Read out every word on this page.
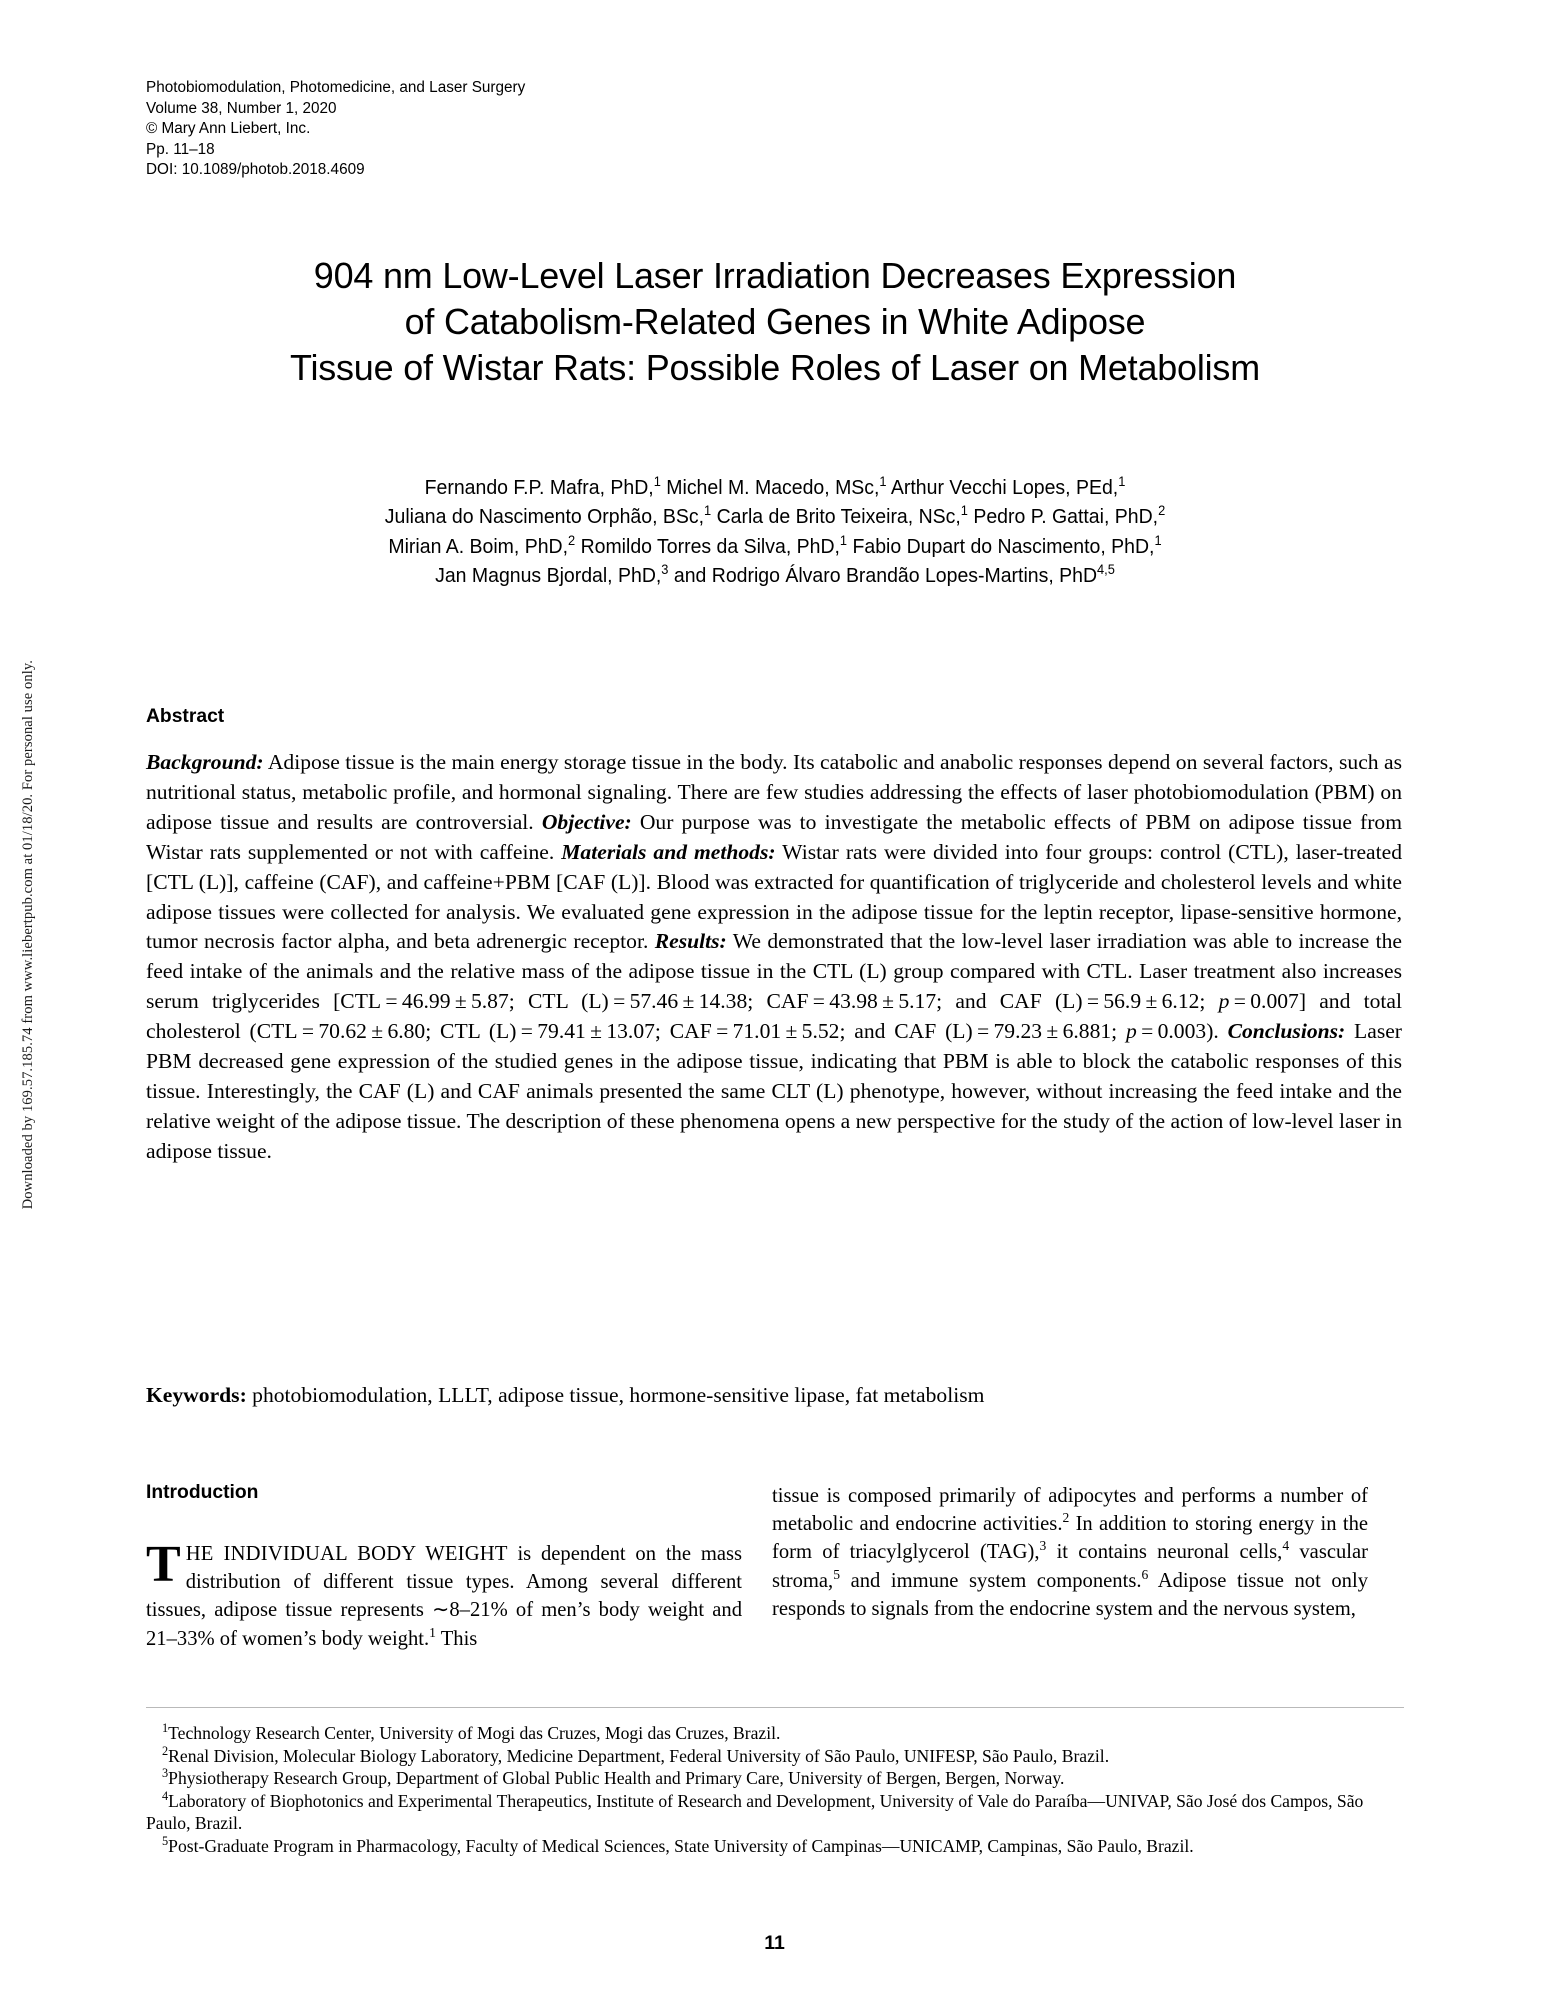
Downloaded by 169.57.185.74 from www.liebertpub.com at 01/18/20. For personal use only.
Photobiomodulation, Photomedicine, and Laser Surgery
Volume 38, Number 1, 2020
© Mary Ann Liebert, Inc.
Pp. 11–18
DOI: 10.1089/photob.2018.4609
904 nm Low-Level Laser Irradiation Decreases Expression
of Catabolism-Related Genes in White Adipose
Tissue of Wistar Rats: Possible Roles of Laser on Metabolism
Fernando F.P. Mafra, PhD,$^1$ Michel M. Macedo, MSc,$^1$ Arthur Vecchi Lopes, PEd,$^1$
Juliana do Nascimento Orphão, BSc,$^1$ Carla de Brito Teixeira, NSc,$^1$ Pedro P. Gattai, PhD,$^2$
Mirian A. Boim, PhD,$^2$ Romildo Torres da Silva, PhD,$^1$ Fabio Dupart do Nascimento, PhD,$^1$
Jan Magnus Bjordal, PhD,$^3$ and Rodrigo Álvaro Brandão Lopes-Martins, PhD$^{4,5}$
Abstract

Background: Adipose tissue is the main energy storage tissue in the body. Its catabolic and anabolic responses depend on several factors, such as nutritional status, metabolic profile, and hormonal signaling. There are few studies addressing the effects of laser photobiomodulation (PBM) on adipose tissue and results are controversial. Objective: Our purpose was to investigate the metabolic effects of PBM on adipose tissue from Wistar rats supplemented or not with caffeine. Materials and methods: Wistar rats were divided into four groups: control (CTL), laser-treated [CTL (L)], caffeine (CAF), and caffeine+PBM [CAF (L)]. Blood was extracted for quantification of triglyceride and cholesterol levels and white adipose tissues were collected for analysis. We evaluated gene expression in the adipose tissue for the leptin receptor, lipase-sensitive hormone, tumor necrosis factor alpha, and beta adrenergic receptor. Results: We demonstrated that the low-level laser irradiation was able to increase the feed intake of the animals and the relative mass of the adipose tissue in the CTL (L) group compared with CTL. Laser treatment also increases serum triglycerides [CTL = 46.99 ± 5.87; CTL (L) = 57.46 ± 14.38; CAF = 43.98 ± 5.17; and CAF (L) = 56.9 ± 6.12; p = 0.007] and total cholesterol (CTL = 70.62 ± 6.80; CTL (L) = 79.41 ± 13.07; CAF = 71.01 ± 5.52; and CAF (L) = 79.23 ± 6.881; p = 0.003). Conclusions: Laser PBM decreased gene expression of the studied genes in the adipose tissue, indicating that PBM is able to block the catabolic responses of this tissue. Interestingly, the CAF (L) and CAF animals presented the same CLT (L) phenotype, however, without increasing the feed intake and the relative weight of the adipose tissue. The description of these phenomena opens a new perspective for the study of the action of low-level laser in adipose tissue.

Keywords: photobiomodulation, LLLT, adipose tissue, hormone-sensitive lipase, fat metabolism
Introduction

THE INDIVIDUAL BODY WEIGHT is dependent on the mass distribution of different tissue types. Among several different tissues, adipose tissue represents ∼8–21% of men’s body weight and 21–33% of women’s body weight.$^1$ This

tissue is composed primarily of adipocytes and performs a number of metabolic and endocrine activities.$^2$ In addition to storing energy in the form of triacylglycerol (TAG),$^3$ it contains neuronal cells,$^4$ vascular stroma,$^5$ and immune system components.$^6$ Adipose tissue not only responds to signals from the endocrine system and the nervous system,

$^1$Technology Research Center, University of Mogi das Cruzes, Mogi das Cruzes, Brazil.

$^2$Renal Division, Molecular Biology Laboratory, Medicine Department, Federal University of São Paulo, UNIFESP, São Paulo, Brazil.

$^3$Physiotherapy Research Group, Department of Global Public Health and Primary Care, University of Bergen, Bergen, Norway.

$^4$Laboratory of Biophotonics and Experimental Therapeutics, Institute of Research and Development, University of Vale do Paraíba—UNIVAP, São José dos Campos, São Paulo, Brazil.

$^5$Post-Graduate Program in Pharmacology, Faculty of Medical Sciences, State University of Campinas—UNICAMP, Campinas, São Paulo, Brazil.

11
